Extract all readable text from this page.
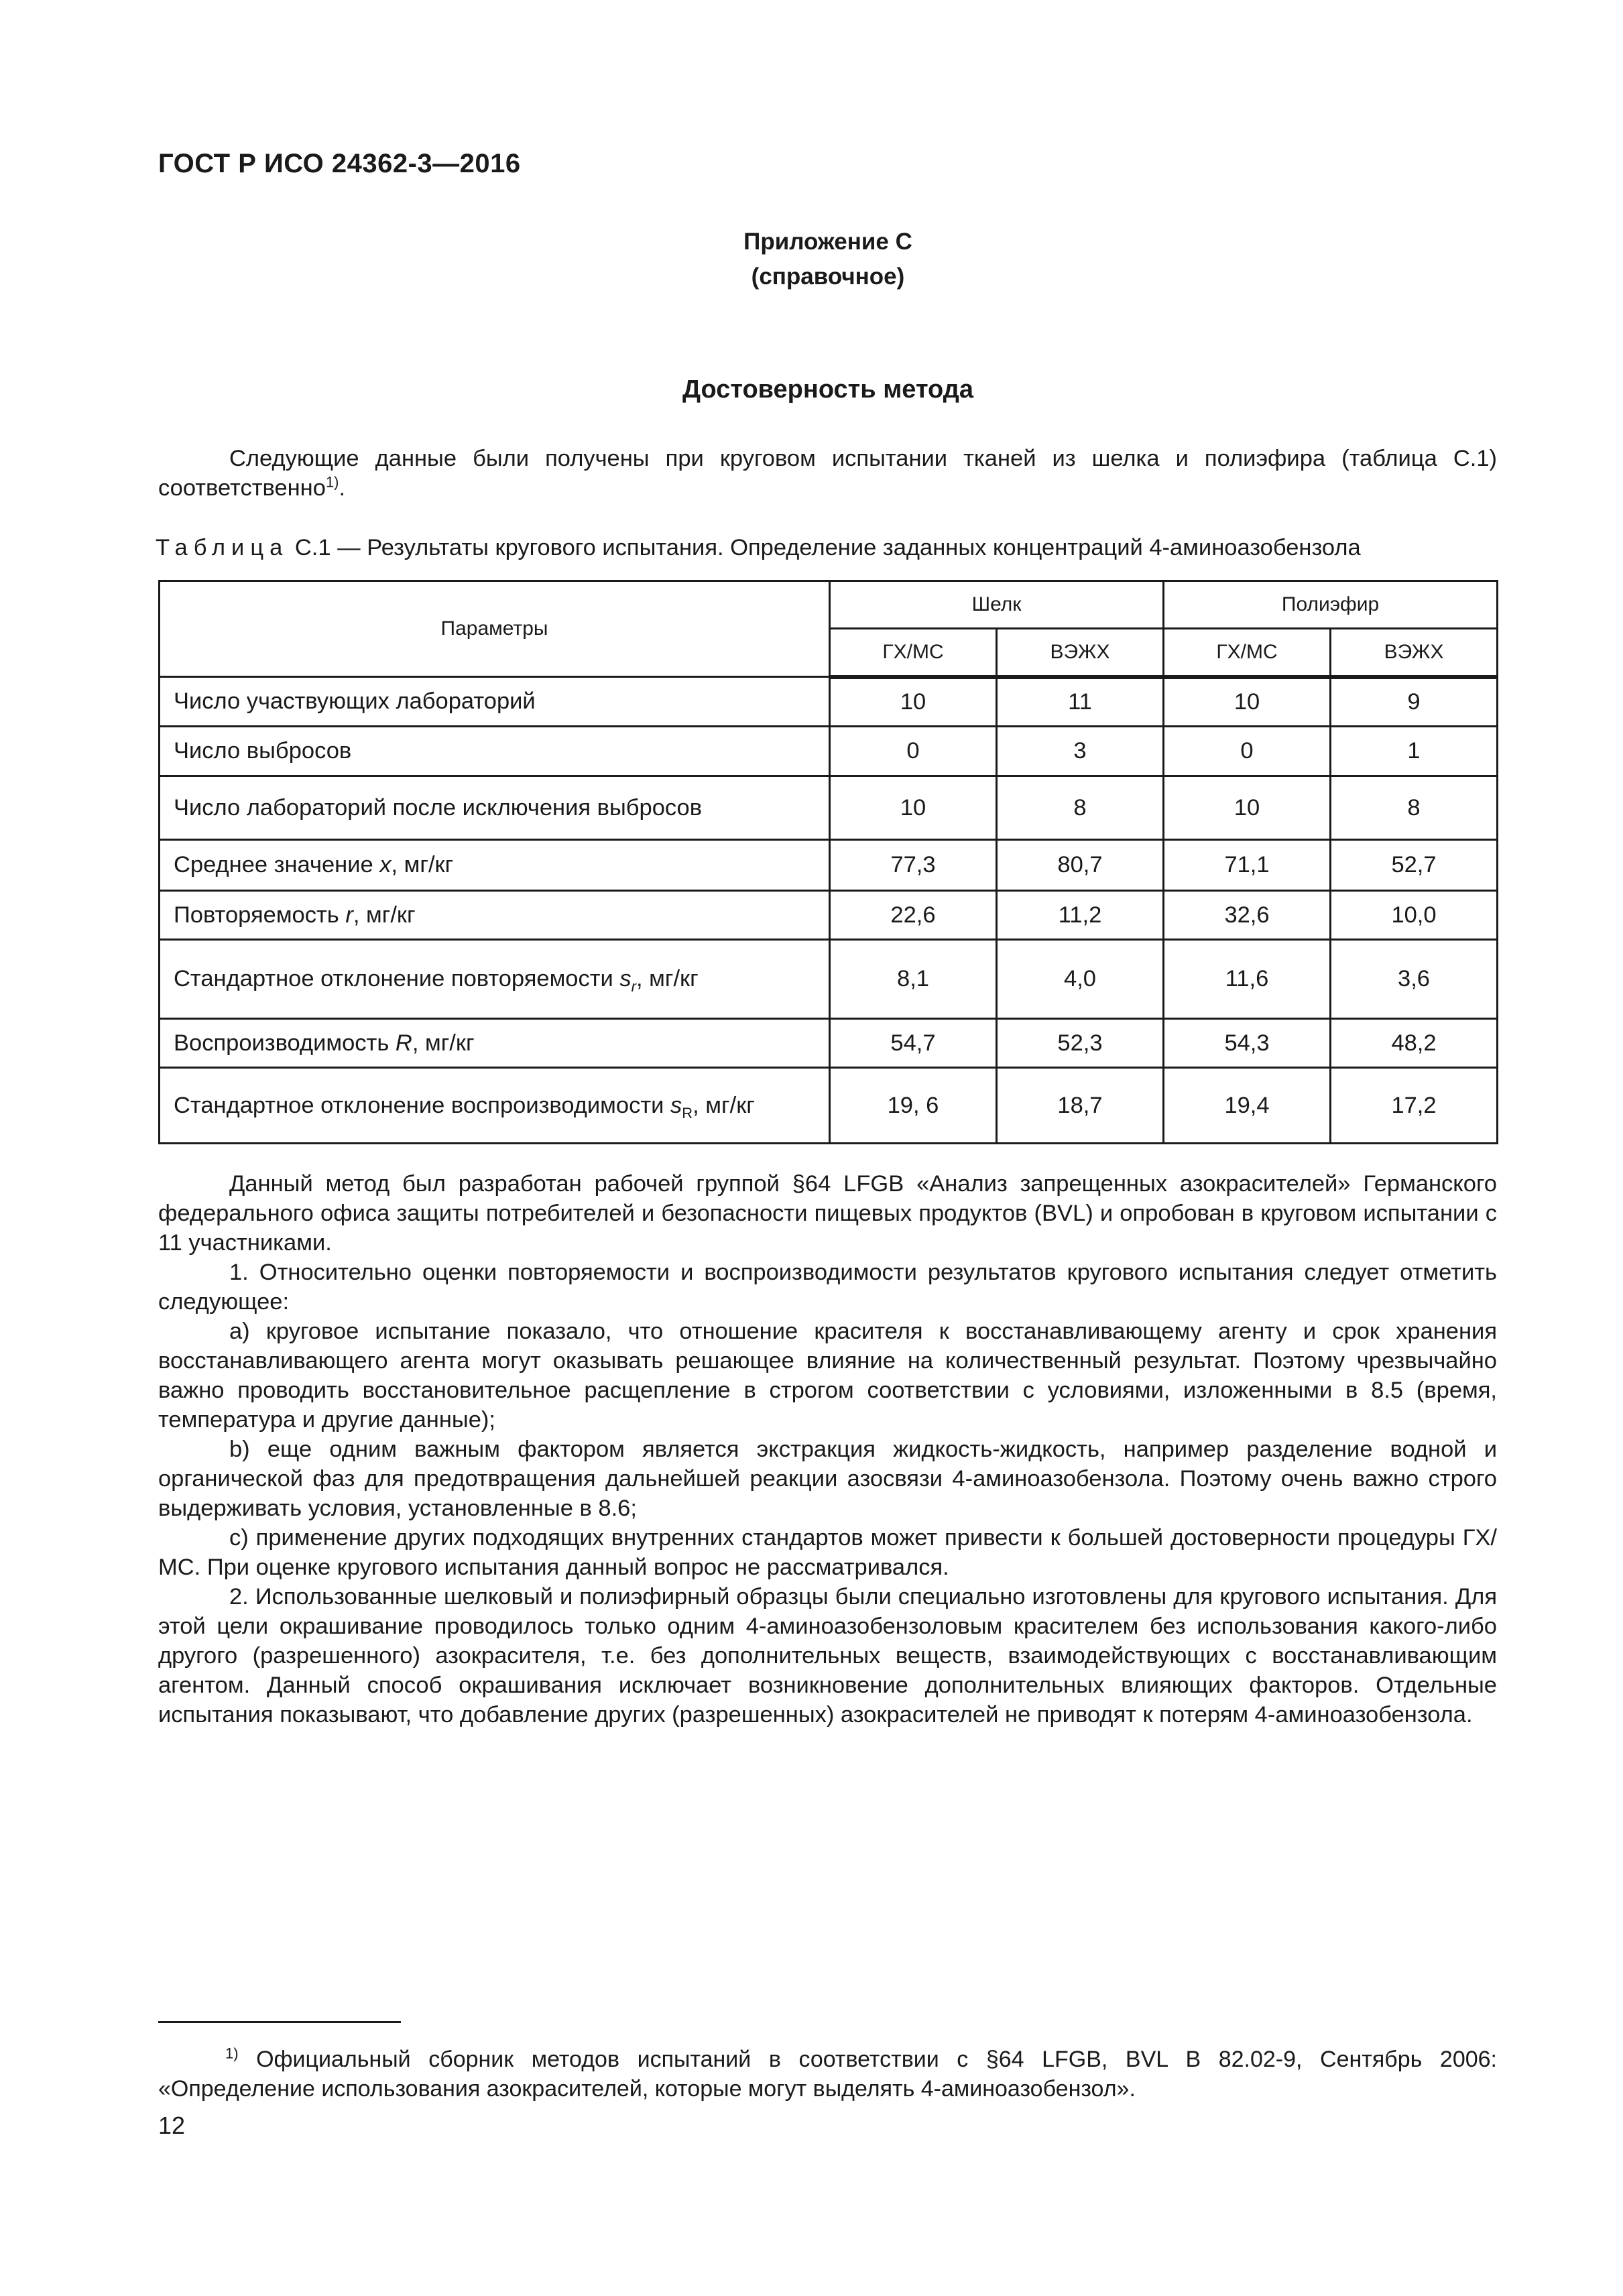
ГОСТ Р ИСО 24362-3—2016
Приложение С
(справочное)
Достоверность метода
Следующие данные были получены при круговом испытании тканей из шелка и полиэфира (таблица С.1) соответственно$^{1)}$.
Таблица С.1 — Результаты кругового испытания. Определение заданных концентраций 4-аминоазобензола
Параметры	Шелк		Полиэфир	
	ГХ/МС	ВЭЖХ	ГХ/МС	ВЭЖХ
Число участвующих лабораторий	10	11	10	9
Число выбросов	0	3	0	1
Число лабораторий после исключения выбросов	10	8	10	8
Среднее значение x, мг/кг	77,3	80,7	71,1	52,7
Повторяемость r, мг/кг	22,6	11,2	32,6	10,0
Стандартное отклонение повторяемости $s_r$, мг/кг	8,1	4,0	11,6	3,6
Воспроизводимость R, мг/кг	54,7	52,3	54,3	48,2
Стандартное отклонение воспроизводимости $s_R$, мг/кг	19, 6	18,7	19,4	17,2
Данный метод был разработан рабочей группой §64 LFGB «Анализ запрещенных азокрасителей» Германского федерального офиса защиты потребителей и безопасности пищевых продуктов (BVL) и опробован в круговом испытании с 11 участниками.
1. Относительно оценки повторяемости и воспроизводимости результатов кругового испытания следует отметить следующее:
а) круговое испытание показало, что отношение красителя к восстанавливающему агенту и срок хранения восстанавливающего агента могут оказывать решающее влияние на количественный результат. Поэтому чрезвычайно важно проводить восстановительное расщепление в строгом соответствии с условиями, изложенными в 8.5 (время, температура и другие данные);
b) еще одним важным фактором является экстракция жидкость-жидкость, например разделение водной и органической фаз для предотвращения дальнейшей реакции азосвязи 4-аминоазобензола. Поэтому очень важно строго выдерживать условия, установленные в 8.6;
c) применение других подходящих внутренних стандартов может привести к большей достоверности процедуры ГХ/МС. При оценке кругового испытания данный вопрос не рассматривался.
2. Использованные шелковый и полиэфирный образцы были специально изготовлены для кругового испытания. Для этой цели окрашивание проводилось только одним 4-аминоазобензоловым красителем без использования какого-либо другого (разрешенного) азокрасителя, т.е. без дополнительных веществ, взаимодействующих с восстанавливающим агентом. Данный способ окрашивания исключает возникновение дополнительных влияющих факторов. Отдельные испытания показывают, что добавление других (разрешенных) азокрасителей не приводят к потерям 4-аминоазобензола.
$^{1)}$ Официальный сборник методов испытаний в соответствии с §64 LFGB, BVL B 82.02-9, Сентябрь 2006: «Определение использования азокрасителей, которые могут выделять 4-аминоазобензол».
12
